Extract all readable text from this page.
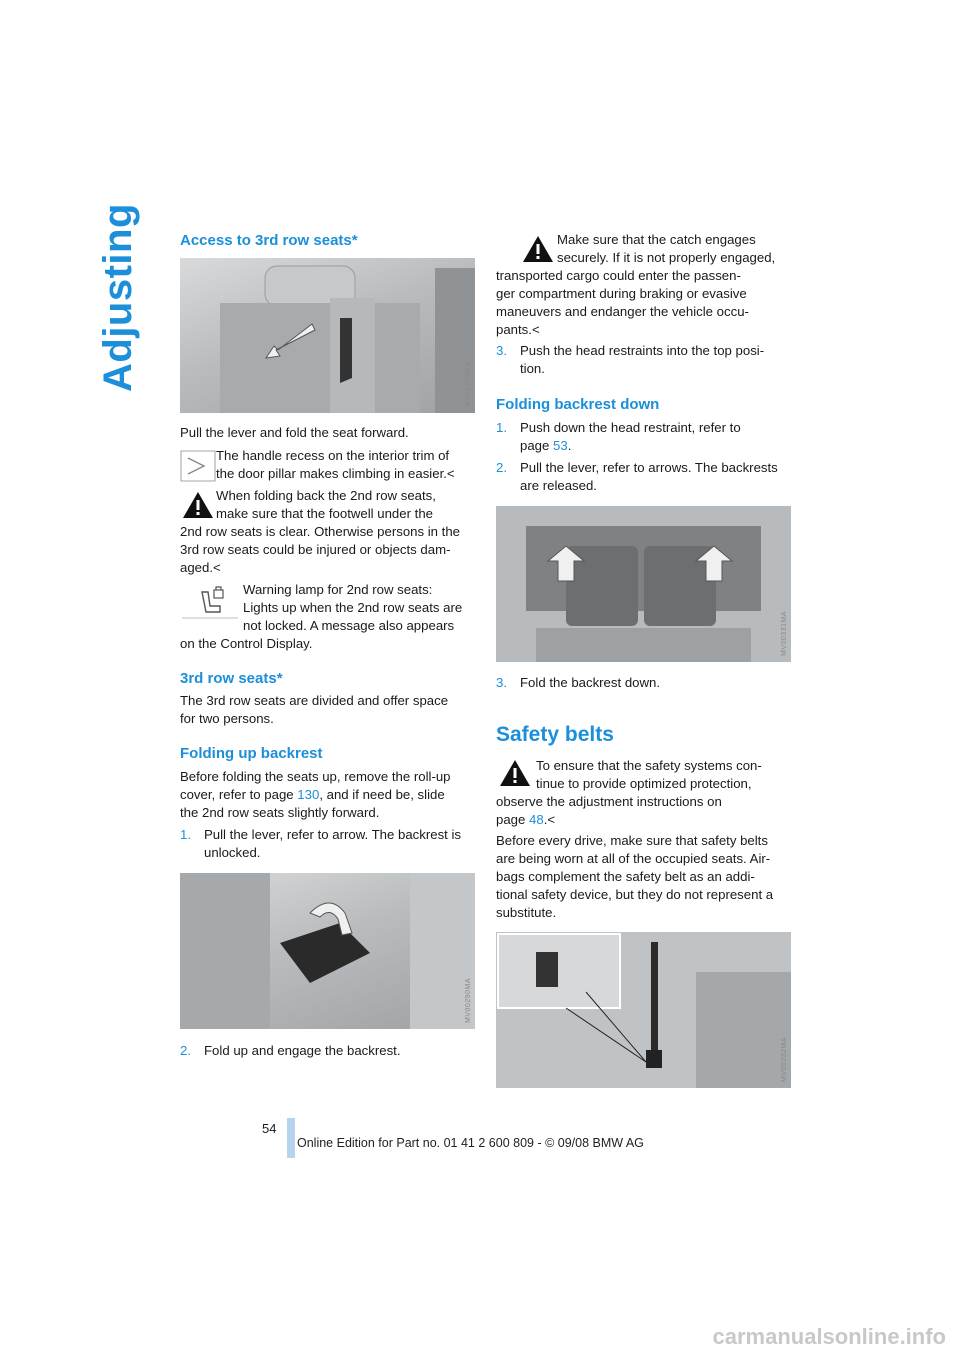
Adjusting	Access to 3rd row seats*
MV00200MA
Pull the lever and fold the seat forward.
The handle recess on the interior trim of
the door pillar makes climbing in easier.<
When folding back the 2nd row seats,
make sure that the footwell under the
2nd row seats is clear. Otherwise persons in the
3rd row seats could be injured or objects dam-
aged.<
Warning lamp for 2nd row seats:
Lights up when the 2nd row seats are
not locked. A message also appears
on the Control Display.
3rd row seats*
The 3rd row seats are divided and offer space
for two persons.
Folding up backrest
Before folding the seats up, remove the roll-up
cover, refer to page 130, and if need be, slide
the 2nd row seats slightly forward.
1. Pull the lever, refer to arrow. The backrest is
unlocked.
MV00290MA
2. Fold up and engage the backrest.
Make sure that the catch engages
securely. If it is not properly engaged,
transported cargo could enter the passen-
ger compartment during braking or evasive
maneuvers and endanger the vehicle occu-
pants.<
3. Push the head restraints into the top posi-
tion.
Folding backrest down
1. Push down the head restraint, refer to
page 53.
2. Pull the lever, refer to arrows. The backrests
are released.
MV00331MA
3. Fold the backrest down.
Safety belts
To ensure that the safety systems con-
tinue to provide optimized protection,
observe the adjustment instructions on
page 48.<
Before every drive, make sure that safety belts
are being worn at all of the occupied seats. Air-
bags complement the safety belt as an addi-
tional safety device, but they do not represent a
substitute.
MV00232MA
54
Online Edition for Part no. 01 41 2 600 809 - © 09/08 BMW AG
carmanualsonline.info
